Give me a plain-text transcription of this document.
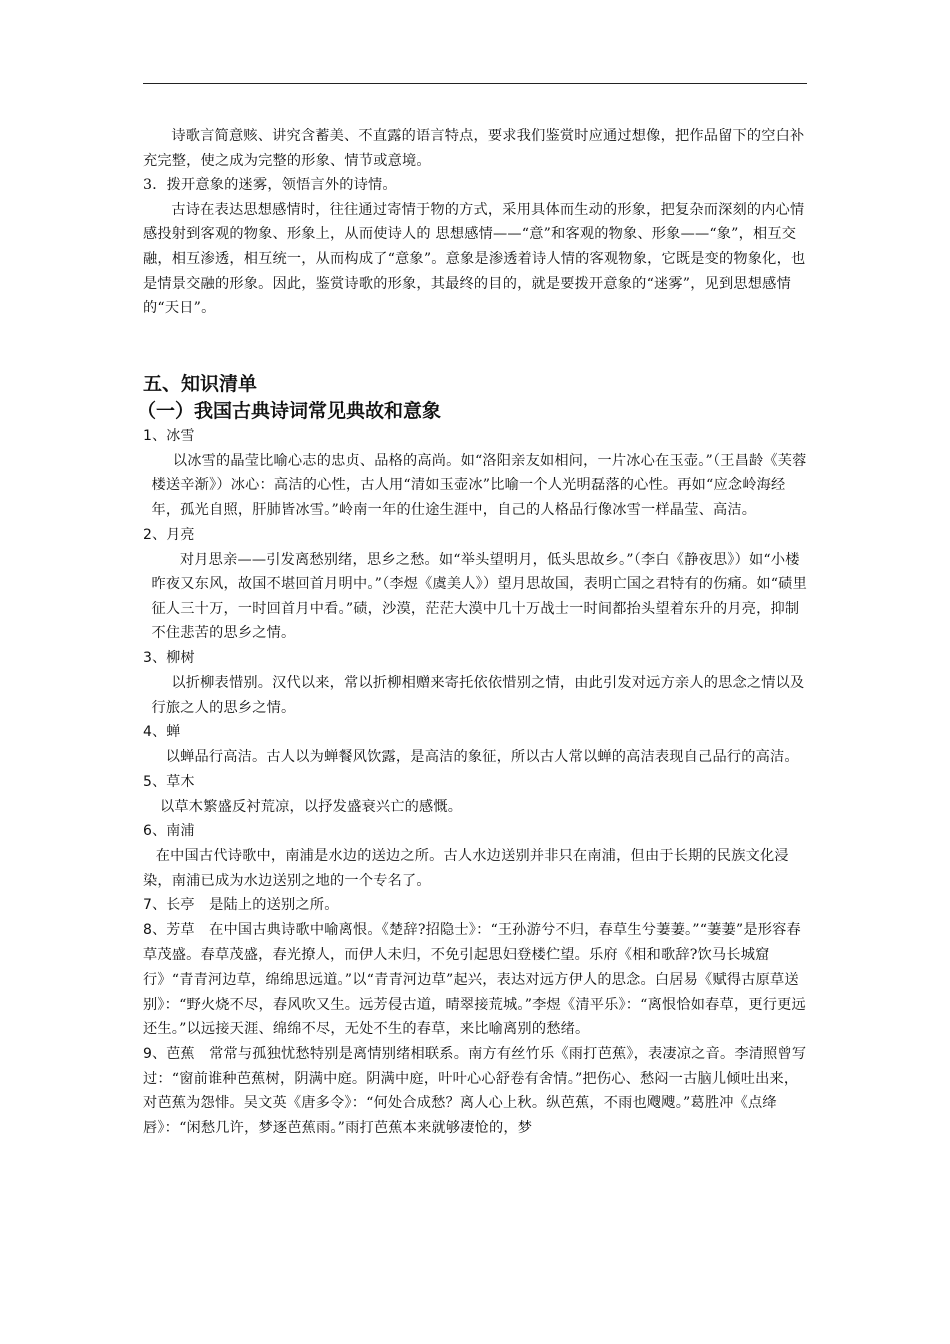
诗歌言简意赅、讲究含蓄美、不直露的语言特点，要求我们鉴赏时应通过想像，把作品留下的空白补充完整，使之成为完整的形象、情节或意境。

3．拨开意象的迷雾，领悟言外的诗情。

古诗在表达思想感情时，往往通过寄情于物的方式，采用具体而生动的形象，把复杂而深刻的内心情感投射到客观的物象、形象上，从而使诗人的 思想感情——“意”和客观的物象、形象——“象”，相互交融，相互渗透，相互统一，从而构成了“意象”。意象是渗透着诗人情的客观物象，它既是变的物象化，也是情景交融的形象。因此，鉴赏诗歌的形象，其最终的目的，就是要拨开意象的“迷雾”，见到思想感情的“天日”。

五、知识清单
（一）我国古典诗词常见典故和意象

1、冰雪

以冰雪的晶莹比喻心志的忠贞、品格的高尚。如“洛阳亲友如相问，一片冰心在玉壶。”（王昌龄《芙蓉楼送辛渐》）冰心：高洁的心性，古人用“清如玉壶冰”比喻一个人光明磊落的心性。再如“应念岭海经年，孤光自照，肝肺皆冰雪。”岭南一年的仕途生涯中，自己的人格品行像冰雪一样晶莹、高洁。

2、月亮

对月思亲——引发离愁别绪，思乡之愁。如“举头望明月，低头思故乡。”（李白《静夜思》）如“小楼昨夜又东风，故国不堪回首月明中。”（李煜《虞美人》）望月思故国，表明亡国之君特有的伤痛。如“碛里征人三十万，一时回首月中看。”碛，沙漠，茫茫大漠中几十万战士一时间都抬头望着东升的月亮，抑制不住悲苦的思乡之情。

3、柳树

以折柳表惜别。汉代以来，常以折柳相赠来寄托依依惜别之情，由此引发对远方亲人的思念之情以及行旅之人的思乡之情。

4、蝉

以蝉品行高洁。古人以为蝉餐风饮露，是高洁的象征，所以古人常以蝉的高洁表现自己品行的高洁。

5、草木

以草木繁盛反衬荒凉，以抒发盛衰兴亡的感慨。

6、南浦

在中国古代诗歌中，南浦是水边的送边之所。古人水边送别并非只在南浦，但由于长期的民族文化浸染，南浦已成为水边送别之地的一个专名了。

7、长亭　 是陆上的送别之所。

8、芳草　 在中国古典诗歌中喻离恨。《楚辞?招隐士》：“王孙游兮不归，春草生兮萋萋。”“萋萋”是形容春草茂盛。春草茂盛，春光撩人，而伊人未归，不免引起思妇登楼伫望。乐府《相和歌辞?饮马长城窟行》“青青河边草，绵绵思远道。”以“青青河边草”起兴，表达对远方伊人的思念。白居易《赋得古原草送别》：“野火烧不尽，春风吹又生。远芳侵古道，晴翠接荒城。”李煜《清平乐》：“离恨恰如春草，更行更远还生。”以远接天涯、绵绵不尽，无处不生的春草，来比喻离别的愁绪。

9、芭蕉　 常常与孤独忧愁特别是离情别绪相联系。南方有丝竹乐《雨打芭蕉》，表凄凉之音。李清照曾写过：“窗前谁种芭蕉树，阴满中庭。阴满中庭，叶叶心心舒卷有舍情。”把伤心、愁闷一古脑儿倾吐出来，对芭蕉为怨悱。吴文英《唐多令》：“何处合成愁？离人心上秋。纵芭蕉，不雨也飕飕。”葛胜冲《点绛唇》：“闲愁几许，梦逐芭蕉雨。”雨打芭蕉本来就够凄怆的，梦
